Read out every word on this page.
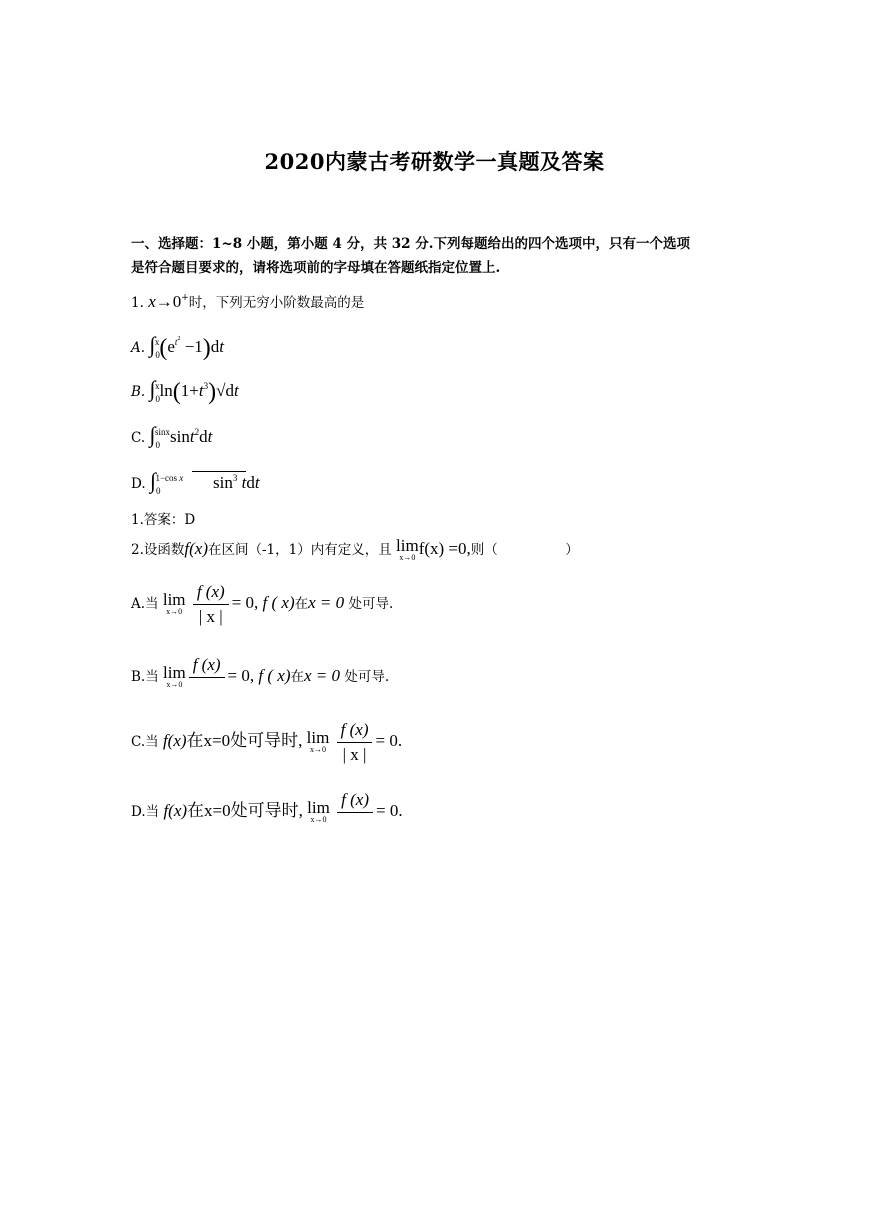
2020内蒙古考研数学一真题及答案
一、选择题：1~8 小题，第小题 4 分，共 32 分.下列每题给出的四个选项中，只有一个选项
是符合题目要求的，请将选项前的字母填在答题纸指定位置上.
1. x→0+时，下列无穷小阶数最高的是
A. $\int_0^x(e^{t^2} -1)dt$
B. $\int_0^x\ln(1+t^3)√dt$
C. $\int_0^{sinx}\sin t^2dt$
D. $\int_0^{1-cos x}$       $\sin^3$ tdt
1.答案：D
2.设函数f(x)在区间（-1，1）内有定义，且 lim
x→0 f(x) =0,则（　　　　　）
A.当 lim
x→0
$\frac{f (x)}{| x |} = 0$, f ( x)在x = 0 处可导.
B.当 lim
x→0
f (x)

= 0, f ( x)在x = 0 处可导.
C.当 f(x)在x=0处可导时, lim
x→0
$\frac{f (x)}{| x |} = 0$.
D.当 f(x)在x=0处可导时, lim
x→0

f (x)

= 0.
